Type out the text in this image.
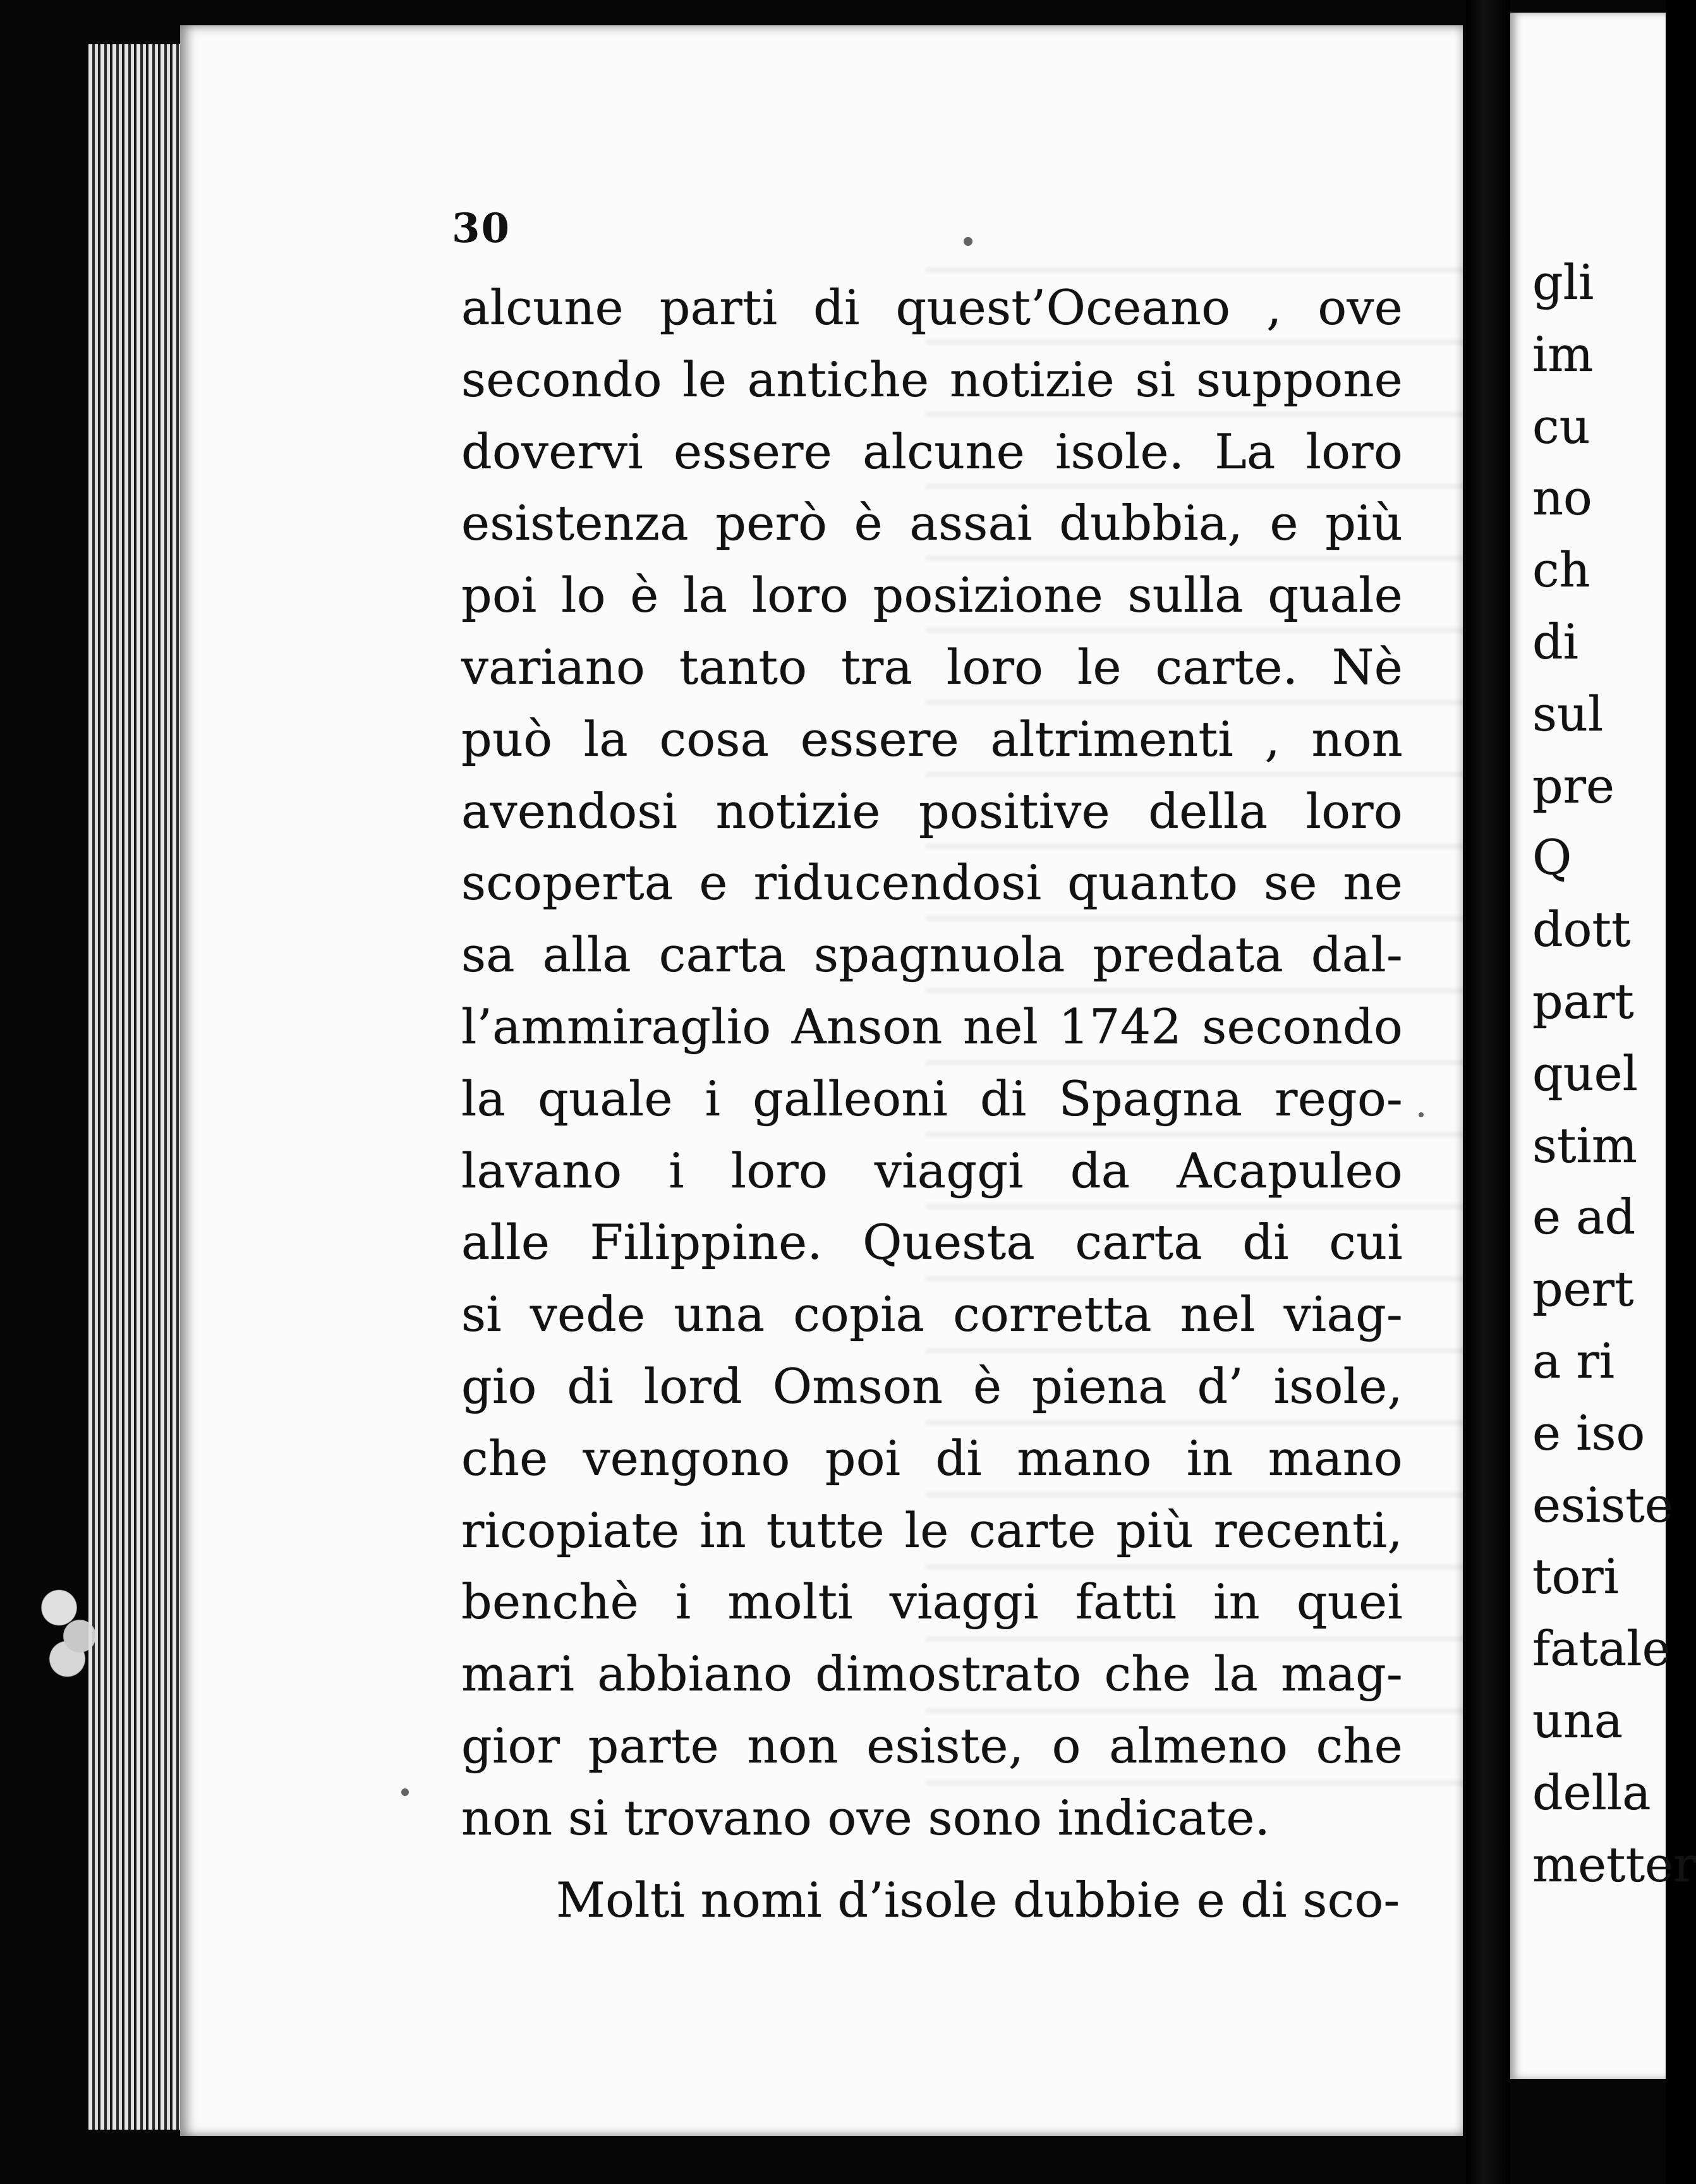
30
alcune parti di quest’Oceano , ove
secondo le antiche notizie si suppone
dovervi essere alcune isole. La loro
esistenza però è assai dubbia, e più
poi lo è la loro posizione sulla quale
variano tanto tra loro le carte. Nè
può la cosa essere altrimenti , non
avendosi notizie positive della loro
scoperta e riducendosi quanto se ne
sa alla carta spagnuola predata dal-
l’ammiraglio Anson nel 1742 secondo
la quale i galleoni di Spagna rego-
lavano i loro viaggi da Acapuleo
alle Filippine. Questa carta di cui
si vede una copia corretta nel viag-
gio di lord Omson è piena d’ isole,
che vengono poi di mano in mano
ricopiate in tutte le carte più recenti,
benchè i molti viaggi fatti in quei
mari abbiano dimostrato che la mag-
gior parte non esiste, o almeno che
non si trovano ove sono indicate.
Molti nomi d’isole dubbie e di sco-
gli
im
cu
no
ch
di
sul
pre
Q
dott
part
quel
stim
e ad
pert
a ri
e iso
esiste
tori
fatale
una
della
metter
